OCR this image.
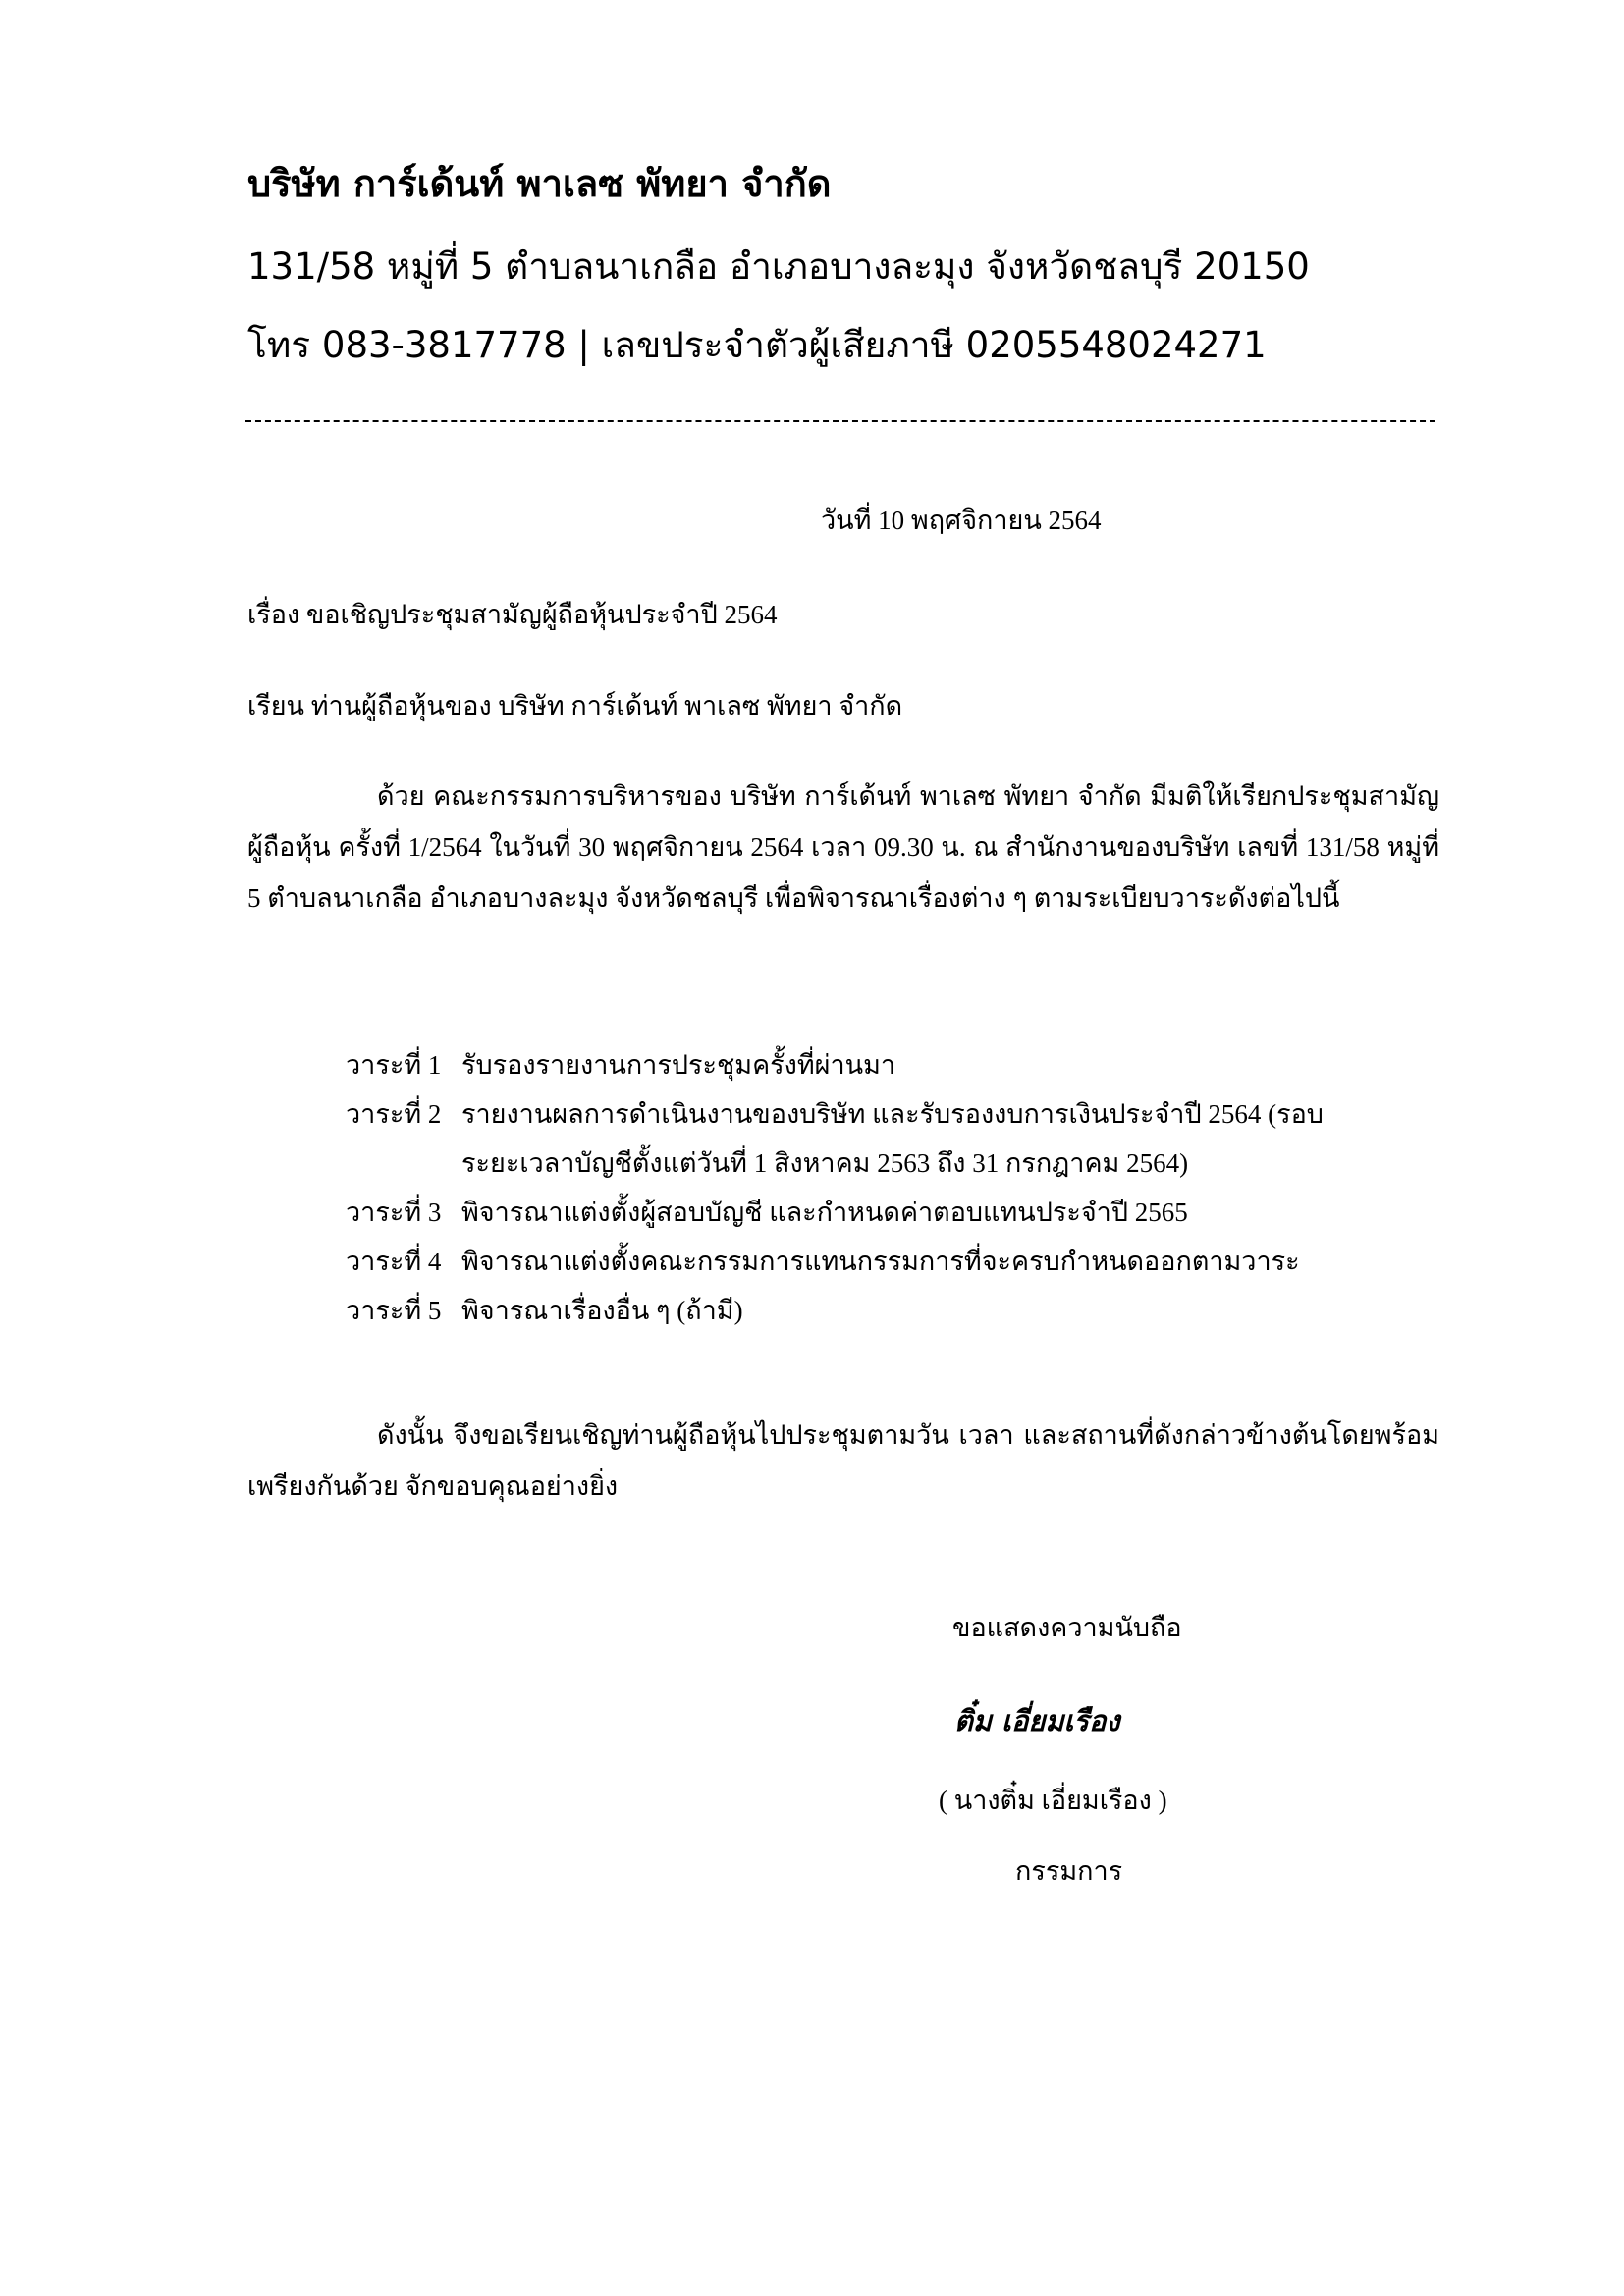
บริษัท การ์เด้นท์ พาเลซ พัทยา จำกัด
131/58 หมู่ที่ 5 ตำบลนาเกลือ อำเภอบางละมุง จังหวัดชลบุรี 20150
โทร 083-3817778 | เลขประจำตัวผู้เสียภาษี 0205548024271
วันที่ 10 พฤศจิกายน 2564
เรื่อง ขอเชิญประชุมสามัญผู้ถือหุ้นประจำปี 2564
เรียน ท่านผู้ถือหุ้นของ บริษัท การ์เด้นท์ พาเลซ พัทยา จำกัด
ด้วย คณะกรรมการบริหารของ บริษัท การ์เด้นท์ พาเลซ พัทยา จำกัด มีมติให้เรียกประชุมสามัญผู้ถือหุ้น ครั้งที่ 1/2564 ในวันที่ 30 พฤศจิกายน 2564 เวลา 09.30 น. ณ สำนักงานของบริษัท เลขที่ 131/58 หมู่ที่ 5 ตำบลนาเกลือ อำเภอบางละมุง จังหวัดชลบุรี เพื่อพิจารณาเรื่องต่าง ๆ ตามระเบียบวาระดังต่อไปนี้
วาระที่ 1 รับรองรายงานการประชุมครั้งที่ผ่านมา
วาระที่ 2 รายงานผลการดำเนินงานของบริษัท และรับรองงบการเงินประจำปี 2564 (รอบ
ระยะเวลาบัญชีตั้งแต่วันที่ 1 สิงหาคม 2563 ถึง 31 กรกฎาคม 2564)
วาระที่ 3 พิจารณาแต่งตั้งผู้สอบบัญชี และกำหนดค่าตอบแทนประจำปี 2565
วาระที่ 4 พิจารณาแต่งตั้งคณะกรรมการแทนกรรมการที่จะครบกำหนดออกตามวาระ
วาระที่ 5 พิจารณาเรื่องอื่น ๆ (ถ้ามี)
ดังนั้น จึงขอเรียนเชิญท่านผู้ถือหุ้นไปประชุมตามวัน เวลา และสถานที่ดังกล่าวข้างต้นโดยพร้อมเพรียงกันด้วย จักขอบคุณอย่างยิ่ง
ขอแสดงความนับถือ
ติ๋ม เอี่ยมเรือง
( นางติ๋ม เอี่ยมเรือง )
กรรมการ
